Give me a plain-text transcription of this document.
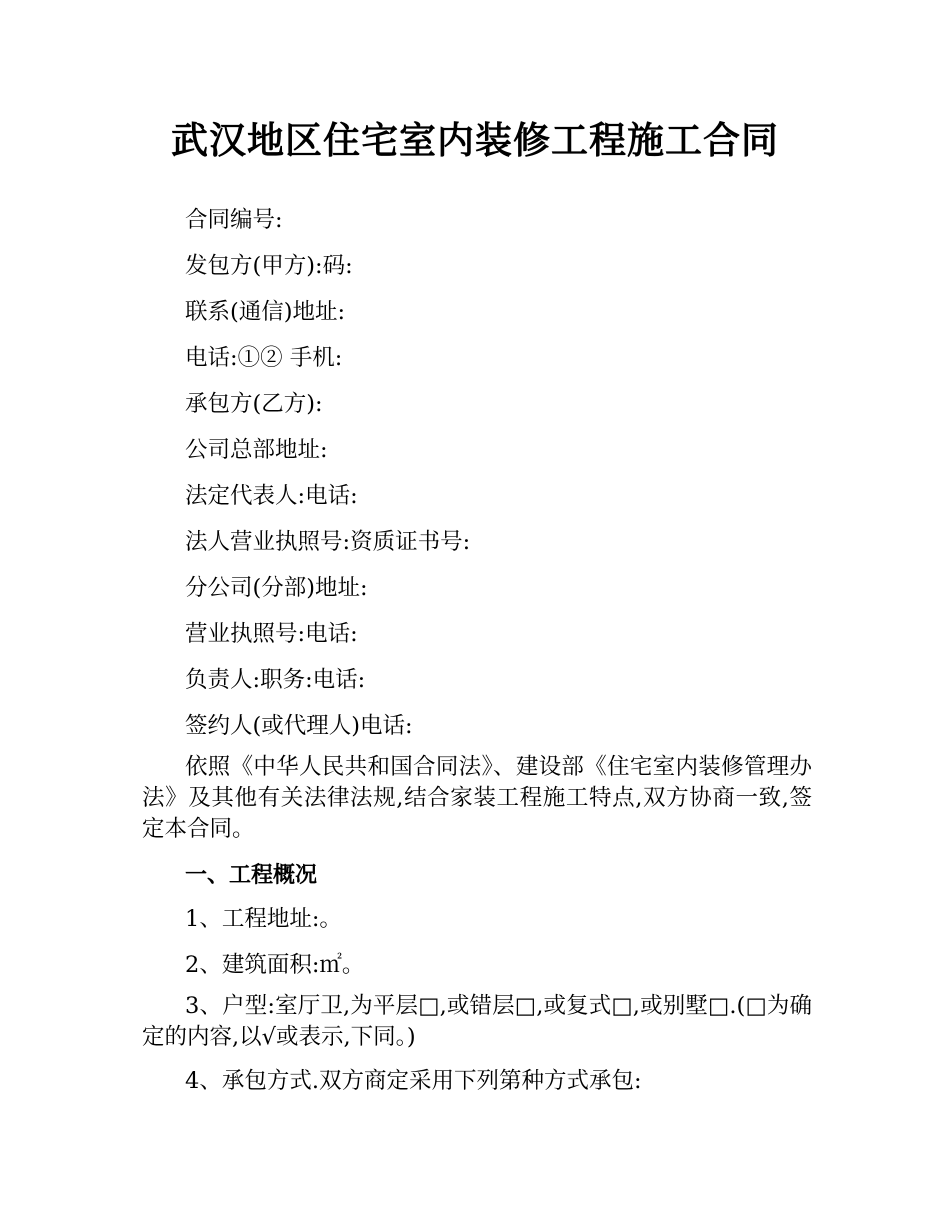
武汉地区住宅室内装修工程施工合同

合同编号:

发包方(甲方):码:

联系(通信)地址:

电话:①② 手机:

承包方(乙方):

公司总部地址:

法定代表人:电话:

法人营业执照号:资质证书号:

分公司(分部)地址:

营业执照号:电话:

负责人:职务:电话:

签约人(或代理人)电话:

依照《中华人民共和国合同法》、建设部《住宅室内装修管理办法》及其他有关法律法规,结合家装工程施工特点,双方协商一致,签定本合同。

一、工程概况

1、工程地址:。

2、建筑面积:㎡。

3、户型:室厅卫,为平层□,或错层□,或复式□,或别墅□.(□为确定的内容,以√或表示,下同。)

4、承包方式.双方商定采用下列第种方式承包:
